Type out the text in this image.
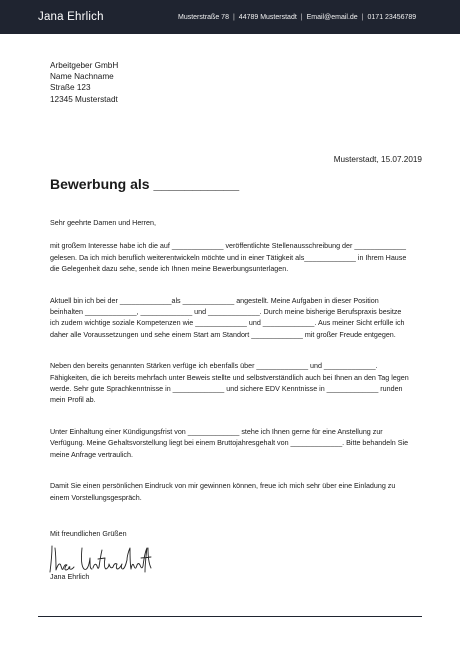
Jana Ehrlich	Musterstraße 78 | 44789 Musterstadt | Email@email.de | 0171 23456789
Arbeitgeber GmbH
Name Nachname
Straße 123
12345 Musterstadt
Musterstadt, 15.07.2019
Bewerbung als ___________

Sehr geehrte Damen und Herren,

mit großem Interesse habe ich die auf _____________ veröffentlichte Stellenausschreibung der _____________ gelesen. Da ich mich beruflich weiterentwickeln möchte und in einer Tätigkeit als_____________ in Ihrem Hause die Gelegenheit dazu sehe, sende ich Ihnen meine Bewerbungsunterlagen.

Aktuell bin ich bei der _____________als _____________ angestellt. Meine Aufgaben in dieser Position beinhalten _____________, _____________ und _____________. Durch meine bisherige Berufspraxis besitze ich zudem wichtige soziale Kompetenzen wie _____________ und _____________. Aus meiner Sicht erfülle ich daher alle Voraussetzungen und sehe einem Start am Standort _____________ mit großer Freude entgegen.

Neben den bereits genannten Stärken verfüge ich ebenfalls über _____________ und _____________. Fähigkeiten, die ich bereits mehrfach unter Beweis stellte und selbstverständlich auch bei Ihnen an den Tag legen werde. Sehr gute Sprachkenntnisse in _____________ und sichere EDV Kenntnisse in _____________ runden mein Profil ab.

Unter Einhaltung einer Kündigungsfrist von _____________ stehe ich Ihnen gerne für eine Anstellung zur Verfügung. Meine Gehaltsvorstellung liegt bei einem Bruttojahresgehalt von _____________. Bitte behandeln Sie meine Anfrage vertraulich.

Damit Sie einen persönlichen Eindruck von mir gewinnen können, freue ich mich sehr über eine Einladung zu einem Vorstellungsgespräch.

Mit freundlichen Grüßen
Jana Ehrlich
